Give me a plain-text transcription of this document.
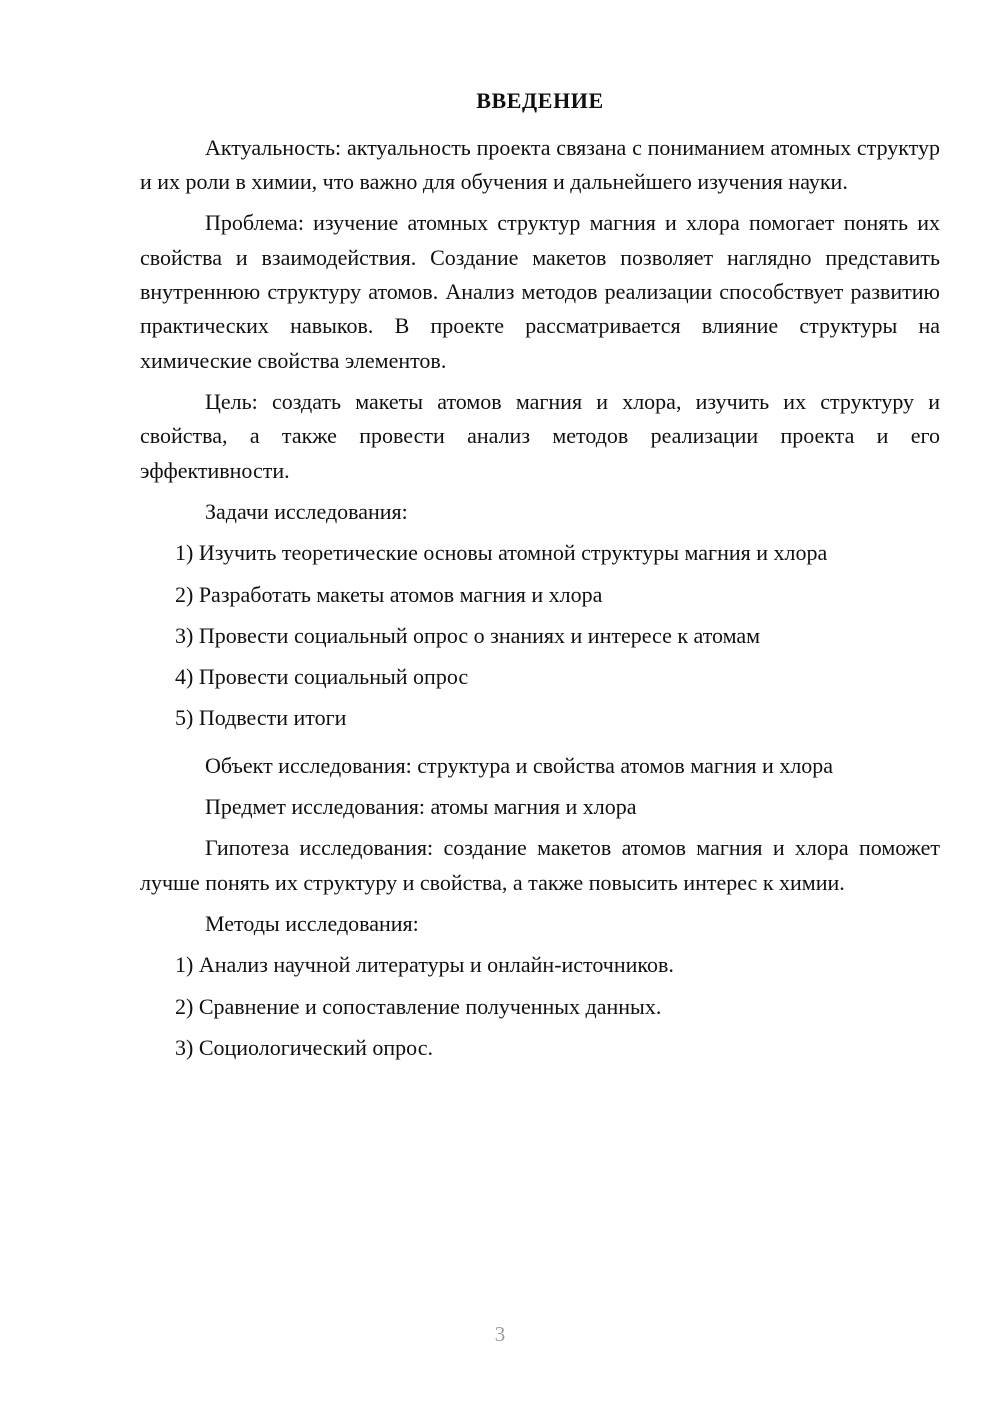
ВВЕДЕНИЕ

Актуальность: актуальность проекта связана с пониманием атомных структур и их роли в химии, что важно для обучения и дальнейшего изучения науки.

Проблема: изучение атомных структур магния и хлора помогает понять их свойства и взаимодействия. Создание макетов позволяет наглядно представить внутреннюю структуру атомов. Анализ методов реализации способствует развитию практических навыков. В проекте рассматривается влияние структуры на химические свойства элементов.

Цель: создать макеты атомов магния и хлора, изучить их структуру и свойства, а также провести анализ методов реализации проекта и его эффективности.

Задачи исследования:

1) Изучить теоретические основы атомной структуры магния и хлора
2) Разработать макеты атомов магния и хлора
3) Провести социальный опрос о знаниях и интересе к атомам
4) Провести социальный опрос
5) Подвести итоги

Объект исследования: структура и свойства атомов магния и хлора

Предмет исследования: атомы магния и хлора

Гипотеза исследования: создание макетов атомов магния и хлора поможет лучше понять их структуру и свойства, а также повысить интерес к химии.

Методы исследования:

1) Анализ научной литературы и онлайн-источников.
2) Сравнение и сопоставление полученных данных.
3) Социологический опрос.
3
